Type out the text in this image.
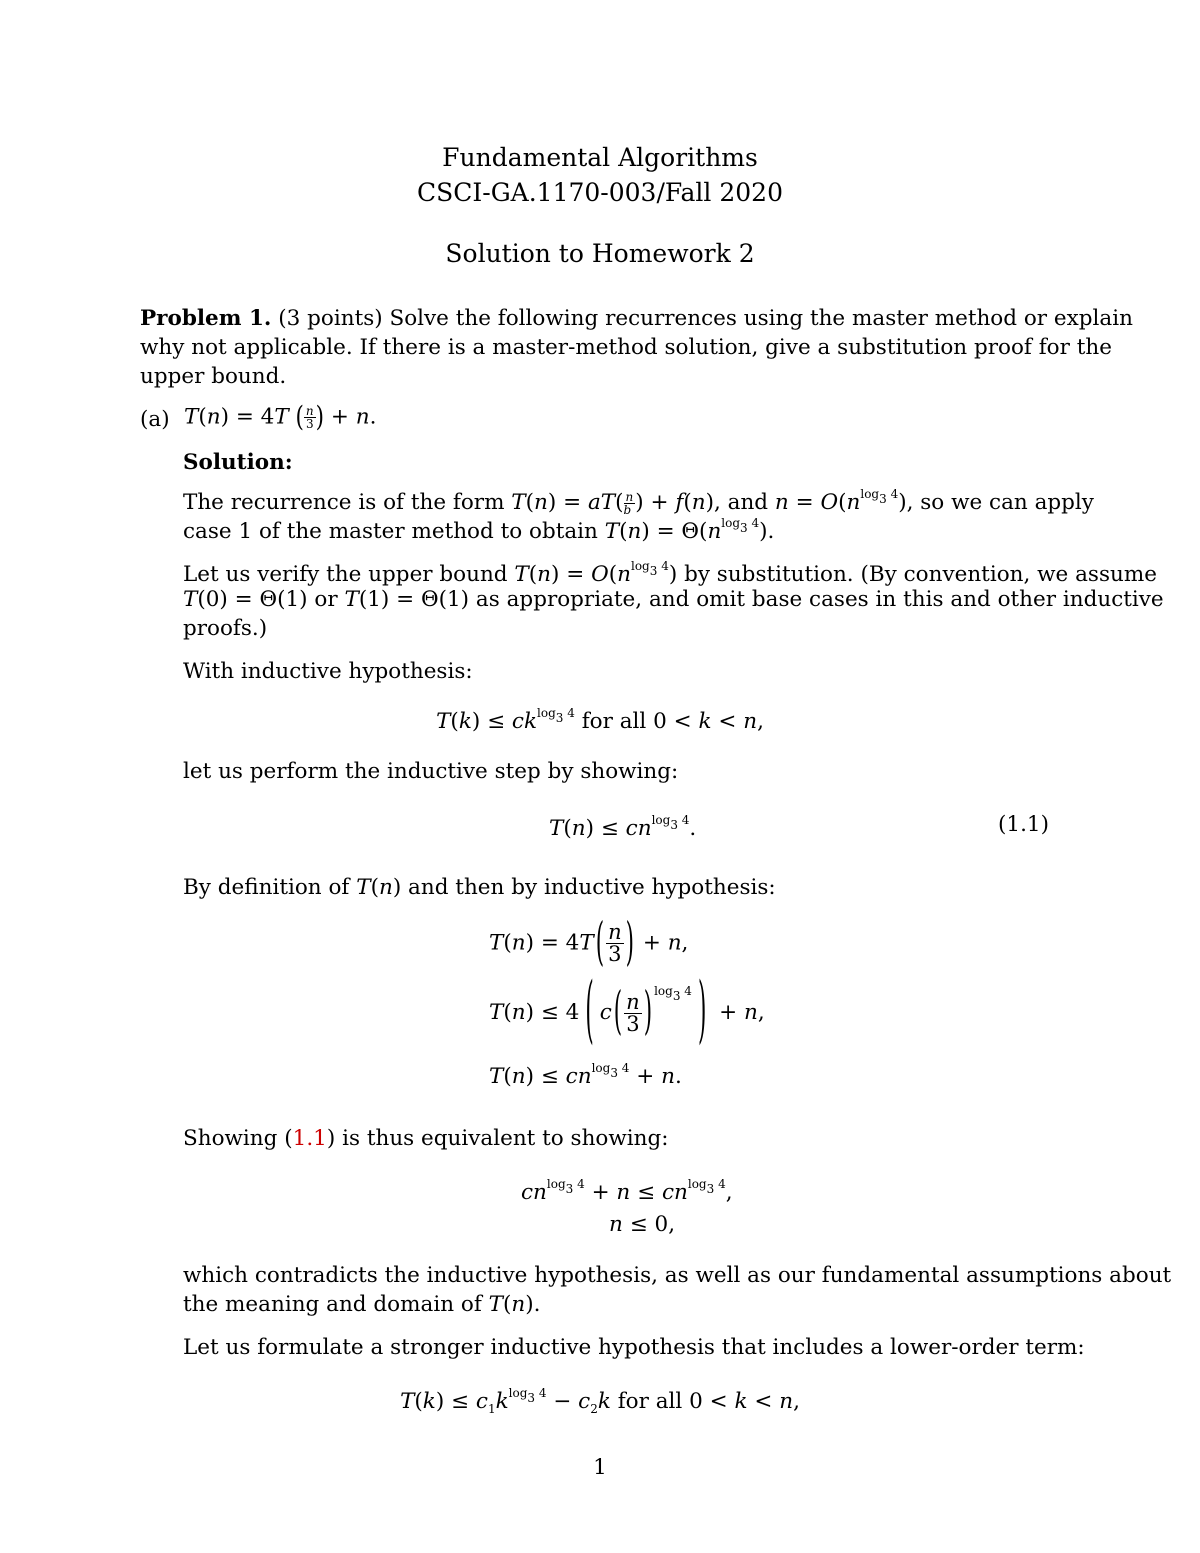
Fundamental Algorithms
CSCI-GA.1170-003/Fall 2020
Solution to Homework 2
Problem 1. (3 points) Solve the following recurrences using the master method or explain
why not applicable. If there is a master-method solution, give a substitution proof for the
upper bound.
(a) T(n) = 4T ( $\frac{n}{3}$ ) + n.
Solution:
The recurrence is of the form $T(n) = aT( \frac{n}{b}$ ) + f(n), and $n = O(n^{log_3 4})$, so we can apply
case 1 of the master method to obtain $T(n) = \Theta(n^{log_3 4})$.
Let us verify the upper bound $T(n) = O(n^{log_3 4})$ by substitution. (By convention, we assume
T(0) = Θ(1) or T(1) = Θ(1) as appropriate, and omit base cases in this and other inductive
proofs.)
With inductive hypothesis:
$T(k) \le ck^{log_3 4}$ for all 0 < k < n,
let us perform the inductive step by showing:
$T(n) \le cn^{log_3 4}$.	(1.1)
By definition of T(n) and then by inductive hypothesis:
$T(n) = 4T( \frac{n}{3}$ ) + n,
T(n) ≤ 4 ( $c( \frac{n}{3}$ ) $^{log_3 4}$ ) + n,
$T(n) \le cn^{log_3 4} + n$.
Showing (1.1) is thus equivalent to showing:
$cn^{log_3 4} + n \le cn^{log_3 4}$,
n ≤ 0,
which contradicts the inductive hypothesis, as well as our fundamental assumptions about
the meaning and domain of T(n).
Let us formulate a stronger inductive hypothesis that includes a lower-order term:
$T(k) \le c_1k^{log_3 4} - c_2k$ for all 0 < k < n,
1
